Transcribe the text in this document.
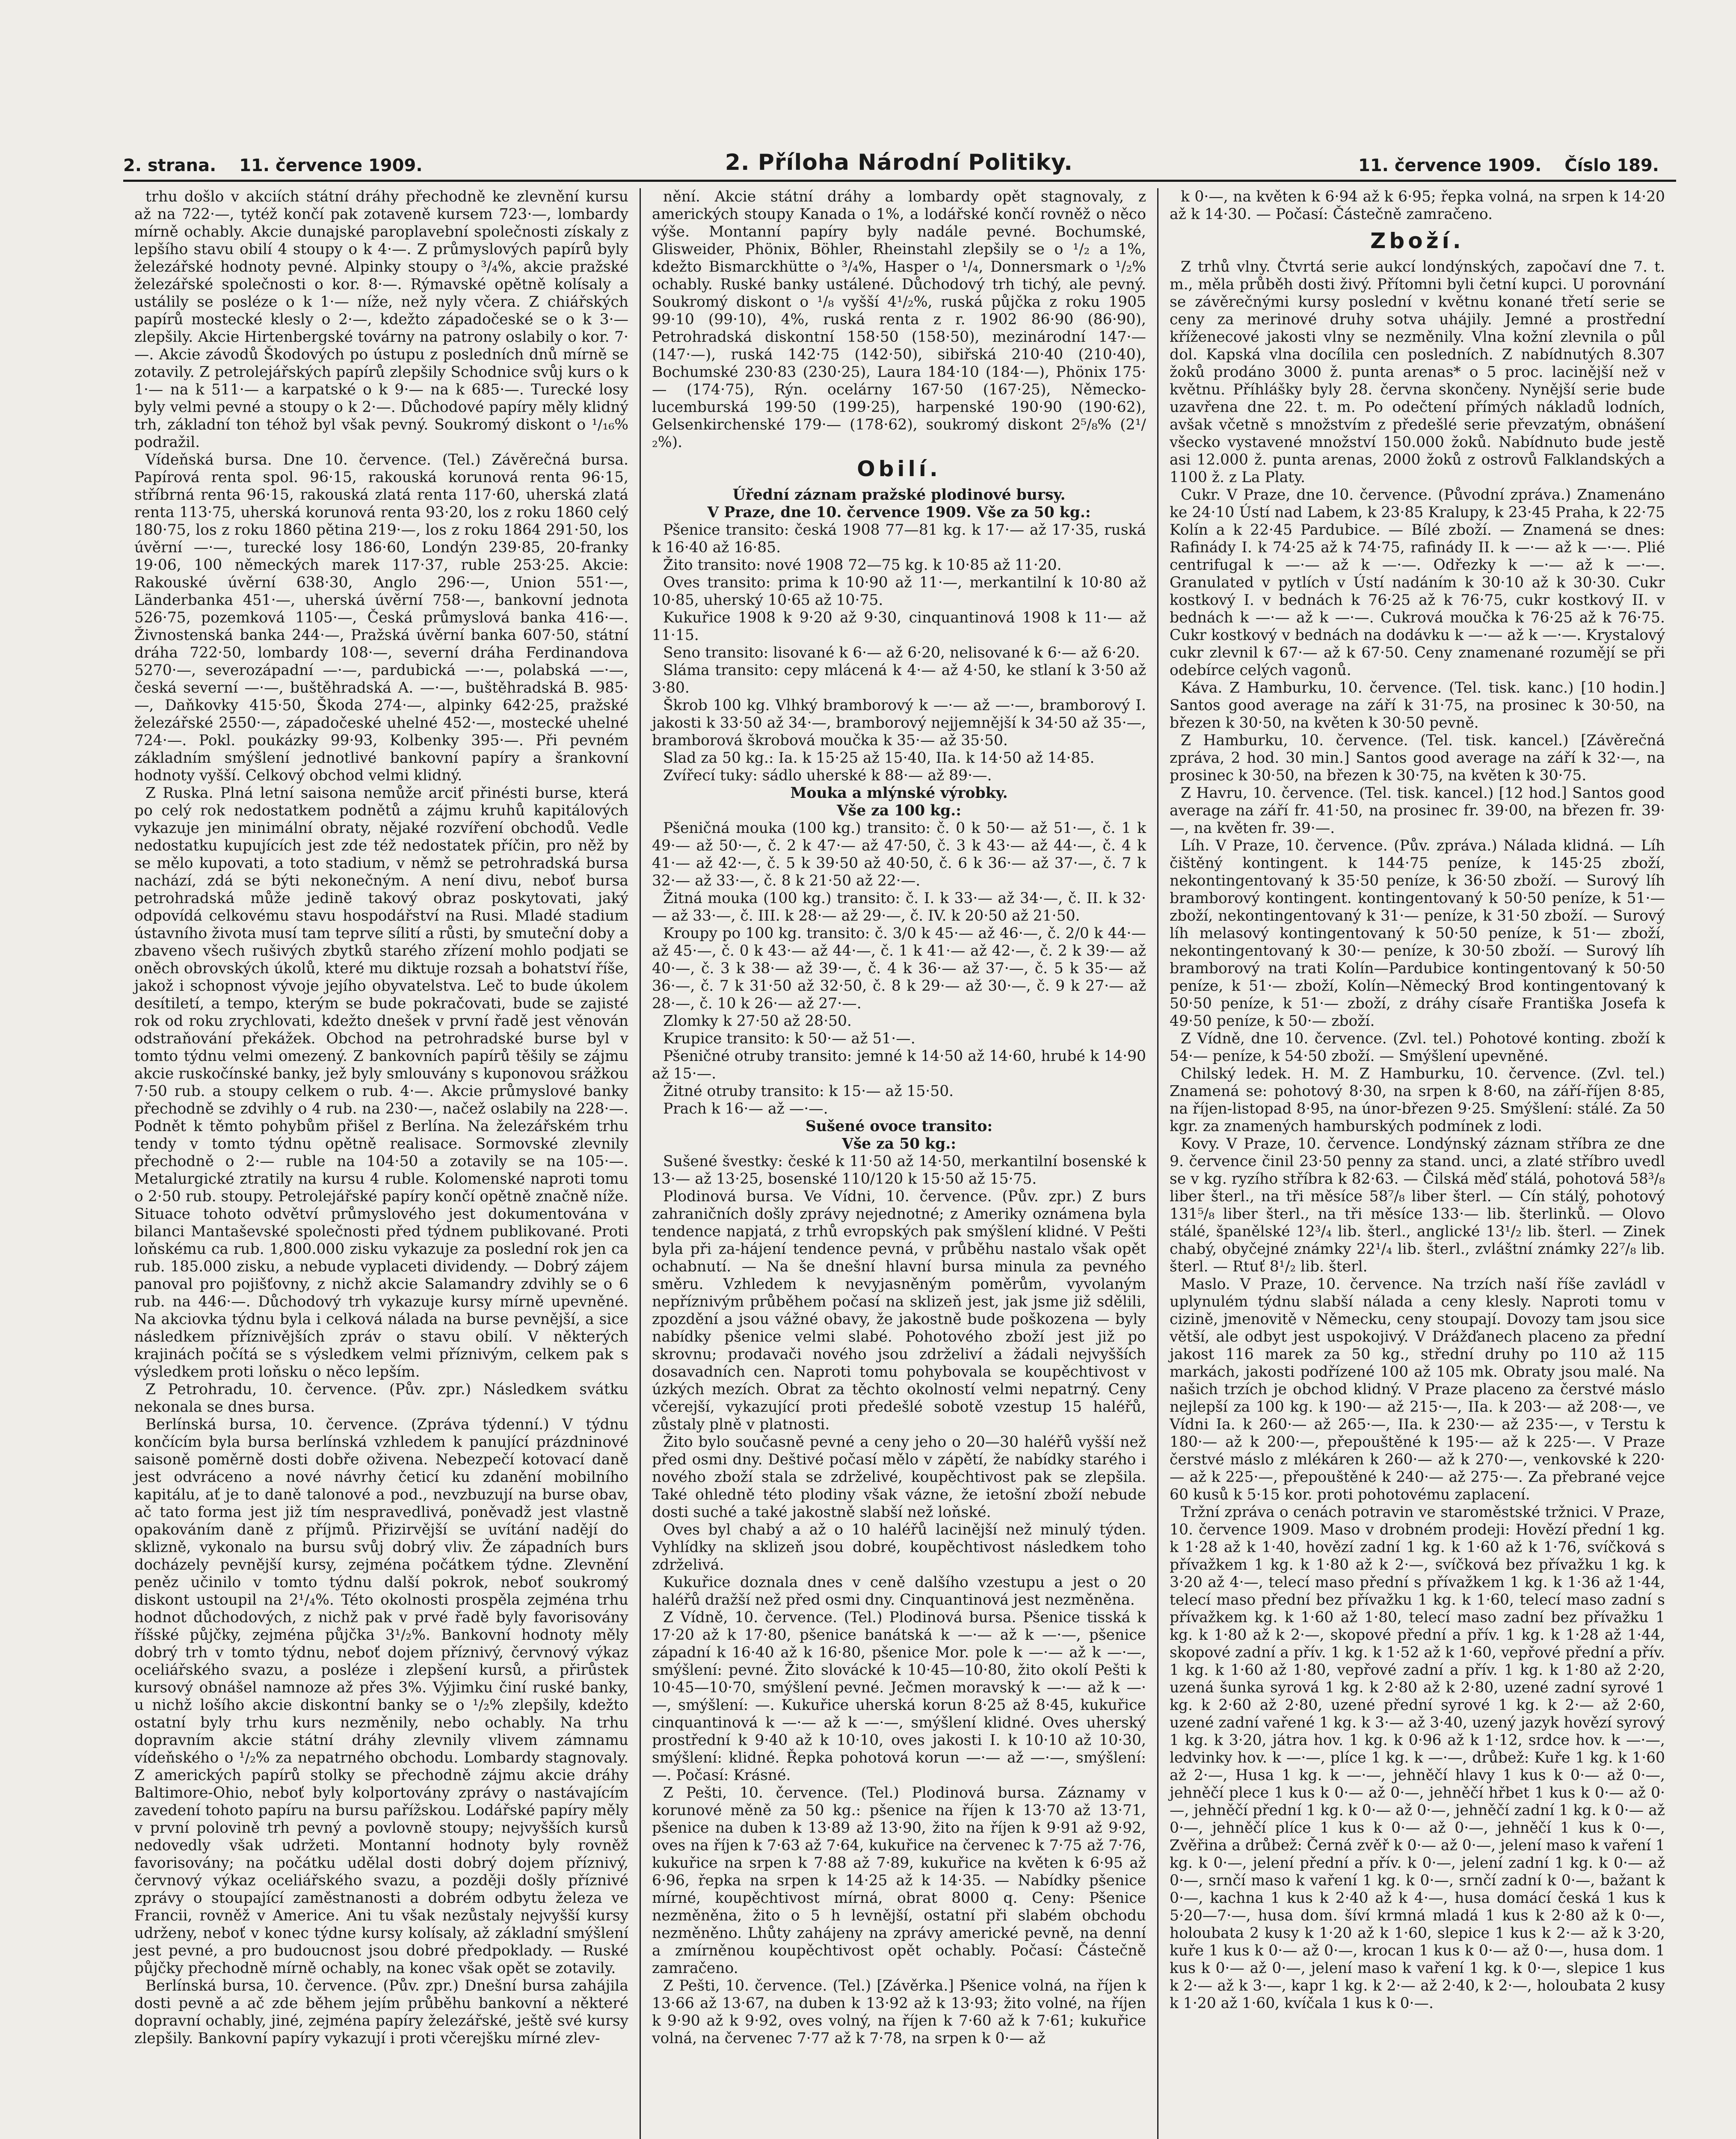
2. strana. 11. července 1909.	2. Příloha Národní Politiky.	11. července 1909. Číslo 189.

trhu došlo v akciích státní dráhy přechodně ke zlevnění kursu až na 722·—, tytéž končí pak zotaveně kursem 723·—, lombardy mírně ochably. Akcie dunajské paroplavební společnosti získaly z lepšího stavu obilí 4 stoupy o k 4·—. Z průmyslových papírů byly železářské hodnoty pevné. Alpinky stoupy o ³/₄%, akcie pražské železářské společnosti o kor. 8·—. Rýmavské opětně kolísaly a ustálily se posléze o k 1·— níže, než nyly včera. Z chiářských papírů mostecké klesly o 2·—, kdežto západočeské se o k 3·— zlepšily. Akcie Hirtenbergské továrny na patrony oslabily o kor. 7·—. Akcie závodů Škodových po ústupu z posledních dnů mírně se zotavily. Z petrolejářských papírů zlepšily Schodnice svůj kurs o k 1·— na k 511·— a karpatské o k 9·— na k 685·—. Turecké losy byly velmi pevné a stoupy o k 2·—. Důchodové papíry měly klidný trh, základní ton téhož byl však pevný. Soukromý diskont o ¹/₁₆% podražil.

Vídeňská bursa. Dne 10. července. (Tel.) Závěrečná bursa. Papírová renta spol. 96·15, rakouská korunová renta 96·15, stříbrná renta 96·15, rakouská zlatá renta 117·60, uherská zlatá renta 113·75, uherská korunová renta 93·20, los z roku 1860 celý 180·75, los z roku 1860 pětina 219·—, los z roku 1864 291·50, los úvěrní —·—, turecké losy 186·60, Londýn 239·85, 20-franky 19·06, 100 německých marek 117·37, ruble 253·25. Akcie: Rakouské úvěrní 638·30, Anglo 296·—, Union 551·—, Länderbanka 451·—, uherská úvěrní 758·—, bankovní jednota 526·75, pozemková 1105·—, Česká průmyslová banka 416·—. Živnostenská banka 244·—, Pražská úvěrní banka 607·50, státní dráha 722·50, lombardy 108·—, severní dráha Ferdinandova 5270·—, severozápadní —·—, pardubická —·—, polabská —·—, česká severní —·—, buštěhradská A. —·—, buštěhradská B. 985·—, Daňkovky 415·50, Škoda 274·—, alpinky 642·25, pražské železářské 2550·—, západočeské uhelné 452·—, mostecké uhelné 724·—. Pokl. poukázky 99·93, Kolbenky 395·—. Při pevném základním smýšlení jednotlivé bankovní papíry a šrankovní hodnoty vyšší. Celkový obchod velmi klidný.

Z Ruska. Plná letní saisona nemůže arciť přinésti burse, která po celý rok nedostatkem podnětů a zájmu kruhů kapitálových vykazuje jen minimální obraty, nějaké rozvíření obchodů. Vedle nedostatku kupujících jest zde též nedostatek příčin, pro něž by se mělo kupovati, a toto stadium, v němž se petrohradská bursa nachází, zdá se býti nekonečným. A není divu, neboť bursa petrohradská může jedině takový obraz poskytovati, jaký odpovídá celkovému stavu hospodářství na Rusi. Mladé stadium ústavního života musí tam teprve sílití a růsti, by smuteční doby a zbaveno všech rušivých zbytků starého zřízení mohlo podjati se oněch obrovských úkolů, které mu diktuje rozsah a bohatství říše, jakož i schopnost vývoje jejího obyvatelstva. Leč to bude úkolem desítiletí, a tempo, kterým se bude pokračovati, bude se zajisté rok od roku zrychlovati, kdežto dnešek v první řadě jest věnován odstraňování překážek. Obchod na petrohradské burse byl v tomto týdnu velmi omezený. Z bankovních papírů těšily se zájmu akcie ruskočínské banky, jež byly smlouvány s kuponovou srážkou 7·50 rub. a stoupy celkem o rub. 4·—. Akcie průmyslové banky přechodně se zdvihly o 4 rub. na 230·—, načež oslabily na 228·—. Podnět k těmto pohybům přišel z Berlína. Na železářském trhu tendy v tomto týdnu opětně realisace. Sormovské zlevnily přechodně o 2·— ruble na 104·50 a zotavily se na 105·—. Metalurgické ztratily na kursu 4 ruble. Kolomenské naproti tomu o 2·50 rub. stoupy. Petrolejářské papíry končí opětně značně níže. Situace tohoto odvětví průmyslového jest dokumentována v bilanci Mantaševské společnosti před týdnem publikované. Proti loňskému ca rub. 1,800.000 zisku vykazuje za poslední rok jen ca rub. 185.000 zisku, a nebude vyplaceti dividendy. — Dobrý zájem panoval pro pojišťovny, z nichž akcie Salamandry zdvihly se o 6 rub. na 446·—. Důchodový trh vykazuje kursy mírně upevněné. Na akciovka týdnu byla i celková nálada na burse pevnější, a sice následkem příznivějších zpráv o stavu obilí. V některých krajinách počítá se s výsledkem velmi příznivým, celkem pak s výsledkem proti loňsku o něco lepším.

Z Petrohradu, 10. července. (Pův. zpr.) Následkem svátku nekonala se dnes bursa.

Berlínská bursa, 10. července. (Zpráva týdenní.) V týdnu končícím byla bursa berlínská vzhledem k panující prázdninové saisoně poměrně dosti dobře oživena. Nebezpečí kotovací daně jest odvráceno a nové návrhy četicí ku zdanění mobilního kapitálu, ať je to daně talonové a pod., nevzbuzují na burse obav, ač tato forma jest již tím nespravedlivá, poněvadž jest vlastně opakováním daně z příjmů. Přizirvější se uvítání nadějí do sklizně, vykonalo na bursu svůj dobrý vliv. Že západních burs docházely pevnější kursy, zejména počátkem týdne. Zlevnění peněz učinilo v tomto týdnu další pokrok, neboť soukromý diskont ustoupil na 2¹/₄%. Této okolnosti prospěla zejména trhu hodnot důchodových, z nichž pak v prvé řadě byly favorisovány říšské půjčky, zejména půjčka 3¹/₂%. Bankovní hodnoty měly dobrý trh v tomto týdnu, neboť dojem příznivý, červnový výkaz oceliářského svazu, a posléze i zlepšení kursů, a přirůstek kursový obnášel namnoze až přes 3%. Výjimku činí ruské banky, u nichž lošího akcie diskontní banky se o ¹/₂% zlepšily, kdežto ostatní byly trhu kurs nezměnily, nebo ochably. Na trhu dopravním akcie státní dráhy zlevnily vlivem zámnamu vídeňského o ¹/₂% za nepatrného obchodu. Lombardy stagnovaly. Z amerických papírů stolky se přechodně zájmu akcie dráhy Baltimore-Ohio, neboť byly kolportovány zprávy o nastávajícím zavedení tohoto papíru na bursu pařížskou. Lodářské papíry měly v první polovině trh pevný a povlovně stoupy; nejvyšších kursů nedovedly však udržeti. Montanní hodnoty byly rovněž favorisovány; na počátku udělal dosti dobrý dojem příznivý, červnový výkaz oceliářského svazu, a později došly příznivé zprávy o stoupající zaměstnanosti a dobrém odbytu železa ve Francii, rovněž v Americe. Ani tu však nezůstaly nejvyšší kursy udrženy, neboť v konec týdne kursy kolísaly, až základní smýšlení jest pevné, a pro budoucnost jsou dobré předpoklady. — Ruské půjčky přechodně mírně ochably, na konec však opět se zotavily.

Berlínská bursa, 10. července. (Pův. zpr.) Dnešní bursa zahájila dosti pevně a ač zde během jejím průběhu bankovní a některé dopravní ochably, jiné, zejména papíry železářské, ještě své kursy zlepšily. Bankovní papíry vykazují i proti včerejšku mírné zlev-

nění. Akcie státní dráhy a lombardy opět stagnovaly, z amerických stoupy Kanada o 1%, a lodářské končí rovněž o něco výše. Montanní papíry byly nadále pevné. Bochumské, Glisweider, Phönix, Böhler, Rheinstahl zlepšily se o ¹/₂ a 1%, kdežto Bismarckhütte o ³/₄%, Hasper o ¹/₄, Donnersmark o ¹/₂% ochably. Ruské banky ustálené. Důchodový trh tichý, ale pevný. Soukromý diskont o ¹/₈ vyšší 4¹/₂%, ruská půjčka z roku 1905 99·10 (99·10), 4%, ruská renta z r. 1902 86·90 (86·90), Petrohradská diskontní 158·50 (158·50), mezinárodní 147·— (147·—), ruská 142·75 (142·50), sibiřská 210·40 (210·40), Bochumské 230·83 (230·25), Laura 184·10 (184·—), Phönix 175·— (174·75), Rýn. ocelárny 167·50 (167·25), Německo-lucemburská 199·50 (199·25), harpenské 190·90 (190·62), Gelsenkirchenské 179·— (178·62), soukromý diskont 2⁵/₈% (2¹/₂%).

Obilí.

Úřední záznam pražské plodinové bursy.

V Praze, dne 10. července 1909. Vše za 50 kg.:

Pšenice transito: česká 1908 77—81 kg. k 17·— až 17·35, ruská k 16·40 až 16·85.

Žito transito: nové 1908 72—75 kg. k 10·85 až 11·20.

Oves transito: prima k 10·90 až 11·—, merkantilní k 10·80 až 10·85, uherský 10·65 až 10·75.

Kukuřice 1908 k 9·20 až 9·30, cinquantinová 1908 k 11·— až 11·15.

Seno transito: lisované k 6·— až 6·20, nelisované k 6·— až 6·20.

Sláma transito: cepy mlácená k 4·— až 4·50, ke stlaní k 3·50 až 3·80.

Škrob 100 kg. Vlhký bramborový k —·— až —·—, bramborový I. jakosti k 33·50 až 34·—, bramborový nejjemnější k 34·50 až 35·—, bramborová škrobová moučka k 35·— až 35·50.

Slad za 50 kg.: Ia. k 15·25 až 15·40, IIa. k 14·50 až 14·85.

Zvířecí tuky: sádlo uherské k 88·— až 89·—.

Mouka a mlýnské výrobky.

Vše za 100 kg.:

Pšeničná mouka (100 kg.) transito: č. 0 k 50·— až 51·—, č. 1 k 49·— až 50·—, č. 2 k 47·— až 47·50, č. 3 k 43·— až 44·—, č. 4 k 41·— až 42·—, č. 5 k 39·50 až 40·50, č. 6 k 36·— až 37·—, č. 7 k 32·— až 33·—, č. 8 k 21·50 až 22·—.

Žitná mouka (100 kg.) transito: č. I. k 33·— až 34·—, č. II. k 32·— až 33·—, č. III. k 28·— až 29·—, č. IV. k 20·50 až 21·50.

Kroupy po 100 kg. transito: č. 3/0 k 45·— až 46·—, č. 2/0 k 44·— až 45·—, č. 0 k 43·— až 44·—, č. 1 k 41·— až 42·—, č. 2 k 39·— až 40·—, č. 3 k 38·— až 39·—, č. 4 k 36·— až 37·—, č. 5 k 35·— až 36·—, č. 7 k 31·50 až 32·50, č. 8 k 29·— až 30·—, č. 9 k 27·— až 28·—, č. 10 k 26·— až 27·—.

Zlomky k 27·50 až 28·50.

Krupice transito: k 50·— až 51·—.

Pšeničné otruby transito: jemné k 14·50 až 14·60, hrubé k 14·90 až 15·—.

Žitné otruby transito: k 15·— až 15·50.

Prach k 16·— až —·—.

Sušené ovoce transito:

Vše za 50 kg.:

Sušené švestky: české k 11·50 až 14·50, merkantilní bosenské k 13·— až 13·25, bosenské 110/120 k 15·50 až 15·75.

Plodinová bursa. Ve Vídni, 10. července. (Pův. zpr.) Z burs zahraničních došly zprávy nejednotné; z Ameriky oznámena byla tendence napjatá, z trhů evropských pak smýšlení klidné. V Pešti byla při za-hájení tendence pevná, v průběhu nastalo však opět ochabnutí. — Na še dnešní hlavní bursa minula za pevného směru. Vzhledem k nevyjasněným poměrům, vyvolaným nepříznivým průběhem počasí na sklizeň jest, jak jsme již sdělili, zpozdění a jsou vážné obavy, že jakostně bude poškozena — byly nabídky pšenice velmi slabé. Pohotového zboží jest již po skrovnu; prodavači nového jsou zdrželiví a žádali nejvyšších dosavadních cen. Naproti tomu pohybovala se koupěchtivost v úzkých mezích. Obrat za těchto okolností velmi nepatrný. Ceny včerejší, vykazující proti předešlé sobotě vzestup 15 haléřů, zůstaly plně v platnosti.

Žito bylo současně pevné a ceny jeho o 20—30 haléřů vyšší než před osmi dny. Deštivé počasí mělo v zápětí, že nabídky starého i nového zboží stala se zdrželivé, koupěchtivost pak se zlepšila. Také ohledně této plodiny však vázne, že ietošní zboží nebude dosti suché a také jakostně slabší než loňské.

Oves byl chabý a až o 10 haléřů lacinější než minulý týden. Vyhlídky na sklizeň jsou dobré, koupěchtivost následkem toho zdrželivá.

Kukuřice doznala dnes v ceně dalšího vzestupu a jest o 20 haléřů dražší než před osmi dny. Cinquantinová jest nezměněna.

Z Vídně, 10. července. (Tel.) Plodinová bursa. Pšenice tisská k 17·20 až k 17·80, pšenice banátská k —·— až k —·—, pšenice západní k 16·40 až k 16·80, pšenice Mor. pole k —·— až k —·—, smýšlení: pevné. Žito slovácké k 10·45—10·80, žito okolí Pešti k 10·45—10·70, smýšlení pevné. Ječmen moravský k —·— až k —·—, smýšlení: —. Kukuřice uherská korun 8·25 až 8·45, kukuřice cinquantinová k —·— až k —·—, smýšlení klidné. Oves uherský prostřední k 9·40 až k 10·10, oves jakosti I. k 10·10 až 10·30, smýšlení: klidné. Řepka pohotová korun —·— až —·—, smýšlení: —. Počasí: Krásné.

Z Pešti, 10. července. (Tel.) Plodinová bursa. Záznamy v korunové měně za 50 kg.: pšenice na říjen k 13·70 až 13·71, pšenice na duben k 13·89 až 13·90, žito na říjen k 9·91 až 9·92, oves na říjen k 7·63 až 7·64, kukuřice na červenec k 7·75 až 7·76, kukuřice na srpen k 7·88 až 7·89, kukuřice na květen k 6·95 až 6·96, řepka na srpen k 14·25 až k 14·35. — Nabídky pšenice mírné, koupěchtivost mírná, obrat 8000 q. Ceny: Pšenice nezměněna, žito o 5 h levnější, ostatní při slabém obchodu nezměněno. Lhůty zahájeny na zprávy americké pevně, na denní a zmírněnou koupěchtivost opět ochably. Počasí: Částečně zamračeno.

Z Pešti, 10. července. (Tel.) [Závěrka.] Pšenice volná, na říjen k 13·66 až 13·67, na duben k 13·92 až k 13·93; žito volné, na říjen k 9·90 až k 9·92, oves volný, na říjen k 7·60 až k 7·61; kukuřice volná, na červenec 7·77 až k 7·78, na srpen k 0·— až

k 0·—, na květen k 6·94 až k 6·95; řepka volná, na srpen k 14·20 až k 14·30. — Počasí: Částečně zamračeno.

Zboží.

Z trhů vlny. Čtvrtá serie aukcí londýnských, započaví dne 7. t. m., měla průběh dosti živý. Přítomni byli četní kupci. U porovnání se závěrečnými kursy poslední v květnu konané třetí serie se ceny za merinové druhy sotva uhájily. Jemné a prostřední kříženecové jakosti vlny se nezměnily. Vlna kožní zlevnila o půl dol. Kapská vlna docílila cen posledních. Z nabídnutých 8.307 žoků prodáno 3000 ž. punta arenas* o 5 proc. lacinější než v květnu. Příhlášky byly 28. června skončeny. Nynější serie bude uzavřena dne 22. t. m. Po odečtení přímých nákladů lodních, avšak včetně s množstvím z předešlé serie převzatým, obnášení všecko vystavené množství 150.000 žoků. Nabídnuto bude jestě asi 12.000 ž. punta arenas, 2000 žoků z ostrovů Falklandských a 1100 ž. z La Platy.

Cukr. V Praze, dne 10. července. (Původní zpráva.) Znamenáno ke 24·10 Ústí nad Labem, k 23·85 Kralupy, k 23·45 Praha, k 22·75 Kolín a k 22·45 Pardubice. — Bílé zboží. — Znamená se dnes: Rafinády I. k 74·25 až k 74·75, rafinády II. k —·— až k —·—. Plié centrifugal k —·— až k —·—. Odřezky k —·— až k —·—. Granulated v pytlích v Ústí nadáním k 30·10 až k 30·30. Cukr kostkový I. v bednách k 76·25 až k 76·75, cukr kostkový II. v bednách k —·— až k —·—. Cukrová moučka k 76·25 až k 76·75. Cukr kostkový v bednách na dodávku k —·— až k —·—. Krystalový cukr zlevnil k 67·— až k 67·50. Ceny znamenané rozumějí se při odebírce celých vagonů.

Káva. Z Hamburku, 10. července. (Tel. tisk. kanc.) [10 hodin.] Santos good average na září k 31·75, na prosinec k 30·50, na březen k 30·50, na květen k 30·50 pevně.

Z Hamburku, 10. července. (Tel. tisk. kancel.) [Závěrečná zpráva, 2 hod. 30 min.] Santos good average na září k 32·—, na prosinec k 30·50, na březen k 30·75, na květen k 30·75.

Z Havru, 10. července. (Tel. tisk. kancel.) [12 hod.] Santos good average na září fr. 41·50, na prosinec fr. 39·00, na březen fr. 39·—, na květen fr. 39·—.

Líh. V Praze, 10. července. (Pův. zpráva.) Nálada klidná. — Líh čištěný kontingent. k 144·75 peníze, k 145·25 zboží, nekontingentovaný k 35·50 peníze, k 36·50 zboží. — Surový líh bramborový kontingent. kontingentovaný k 50·50 peníze, k 51·— zboží, nekontingentovaný k 31·— peníze, k 31·50 zboží. — Surový líh melasový kontingentovaný k 50·50 peníze, k 51·— zboží, nekontingentovaný k 30·— peníze, k 30·50 zboží. — Surový líh bramborový na trati Kolín—Pardubice kontingentovaný k 50·50 peníze, k 51·— zboží, Kolín—Německý Brod kontingentovaný k 50·50 peníze, k 51·— zboží, z dráhy císaře Františka Josefa k 49·50 peníze, k 50·— zboží.

Z Vídně, dne 10. července. (Zvl. tel.) Pohotové konting. zboží k 54·— peníze, k 54·50 zboží. — Smýšlení upevněné.

Chilský ledek. H. M. Z Hamburku, 10. července. (Zvl. tel.) Znamená se: pohotový 8·30, na srpen k 8·60, na září-říjen 8·85, na říjen-listopad 8·95, na únor-březen 9·25. Smýšlení: stálé. Za 50 kgr. za znamených hamburských podmínek z lodi.

Kovy. V Praze, 10. července. Londýnský záznam stříbra ze dne 9. července činil 23·50 penny za stand. unci, a zlaté stříbro uvedl se v kg. ryzího stříbra k 82·63. — Čilská měď stálá, pohotová 58³/₈ liber šterl., na tři měsíce 58⁷/₈ liber šterl. — Cín stálý, pohotový 131⁵/₈ liber šterl., na tři měsíce 133·— lib. šterlinků. — Olovo stálé, španělské 12³/₄ lib. šterl., anglické 13¹/₂ lib. šterl. — Zinek chabý, obyčejné známky 22¹/₄ lib. šterl., zvláštní známky 22⁷/₈ lib. šterl. — Rtuť 8¹/₂ lib. šterl.

Maslo. V Praze, 10. července. Na trzích naší říše zavládl v uplynulém týdnu slabší nálada a ceny klesly. Naproti tomu v cizině, jmenovitě v Německu, ceny stoupají. Dovozy tam jsou sice větší, ale odbyt jest uspokojivý. V Drážďanech placeno za přední jakost 116 marek za 50 kg., střední druhy po 110 až 115 markách, jakosti podřízené 100 až 105 mk. Obraty jsou malé. Na našich trzích je obchod klidný. V Praze placeno za čerstvé máslo nejlepší za 100 kg. k 190·— až 215·—, IIa. k 203·— až 208·—, ve Vídni Ia. k 260·— až 265·—, IIa. k 230·— až 235·—, v Terstu k 180·— až k 200·—, přepouštěné k 195·— až k 225·—. V Praze čerstvé máslo z mlékáren k 260·— až k 270·—, venkovské k 220·— až k 225·—, přepouštěné k 240·— až 275·—. Za přebrané vejce 60 kusů k 5·15 kor. proti pohotovému zaplacení.

Tržní zpráva o cenách potravin ve staroměstské tržnici. V Praze, 10. července 1909. Maso v drobném prodeji: Hovězí přední 1 kg. k 1·28 až k 1·40, hovězí zadní 1 kg. k 1·60 až k 1·76, svíčková s přívažkem 1 kg. k 1·80 až k 2·—, svíčková bez přívažku 1 kg. k 3·20 až 4·—, telecí maso přední s přívažkem 1 kg. k 1·36 až 1·44, telecí maso přední bez přívažku 1 kg. k 1·60, telecí maso zadní s přívažkem kg. k 1·60 až 1·80, telecí maso zadní bez přívažku 1 kg. k 1·80 až k 2·—, skopové přední a přív. 1 kg. k 1·28 až 1·44, skopové zadní a přív. 1 kg. k 1·52 až k 1·60, vepřové přední a přív. 1 kg. k 1·60 až 1·80, vepřové zadní a přív. 1 kg. k 1·80 až 2·20, uzená šunka syrová 1 kg. k 2·80 až k 2·80, uzené zadní syrové 1 kg. k 2·60 až 2·80, uzené přední syrové 1 kg. k 2·— až 2·60, uzené zadní vařené 1 kg. k 3·— až 3·40, uzený jazyk hovězí syrový 1 kg. k 3·20, játra hov. 1 kg. k 0·96 až k 1·12, srdce hov. k —·—, ledvinky hov. k —·—, plíce 1 kg. k —·—, drůbež: Kuře 1 kg. k 1·60 až 2·—, Husa 1 kg. k —·—, jehněčí hlavy 1 kus k 0·— až 0·—, jehněčí plece 1 kus k 0·— až 0·—, jehněčí hřbet 1 kus k 0·— až 0·—, jehněčí přední 1 kg. k 0·— až 0·—, jehněčí zadní 1 kg. k 0·— až 0·—, jehněčí plíce 1 kus k 0·— až 0·—, jehněčí 1 kus k 0·—, Zvěřina a drůbež: Černá zvěř k 0·— až 0·—, jelení maso k vaření 1 kg. k 0·—, jelení přední a přív. k 0·—, jelení zadní 1 kg. k 0·— až 0·—, srnčí maso k vaření 1 kg. k 0·—, srnčí zadní k 0·—, bažant k 0·—, kachna 1 kus k 2·40 až k 4·—, husa domácí česká 1 kus k 5·20—7·—, husa dom. šíví krmná mladá 1 kus k 2·80 až k 0·—, holoubata 2 kusy k 1·20 až k 1·60, slepice 1 kus k 2·— až k 3·20, kuře 1 kus k 0·— až 0·—, krocan 1 kus k 0·— až 0·—, husa dom. 1 kus k 0·— až 0·—, jelení maso k vaření 1 kg. k 0·—, slepice 1 kus k 2·— až k 3·—, kapr 1 kg. k 2·— až 2·40, k 2·—, holoubata 2 kusy k 1·20 až 1·60, kvíčala 1 kus k 0·—.
